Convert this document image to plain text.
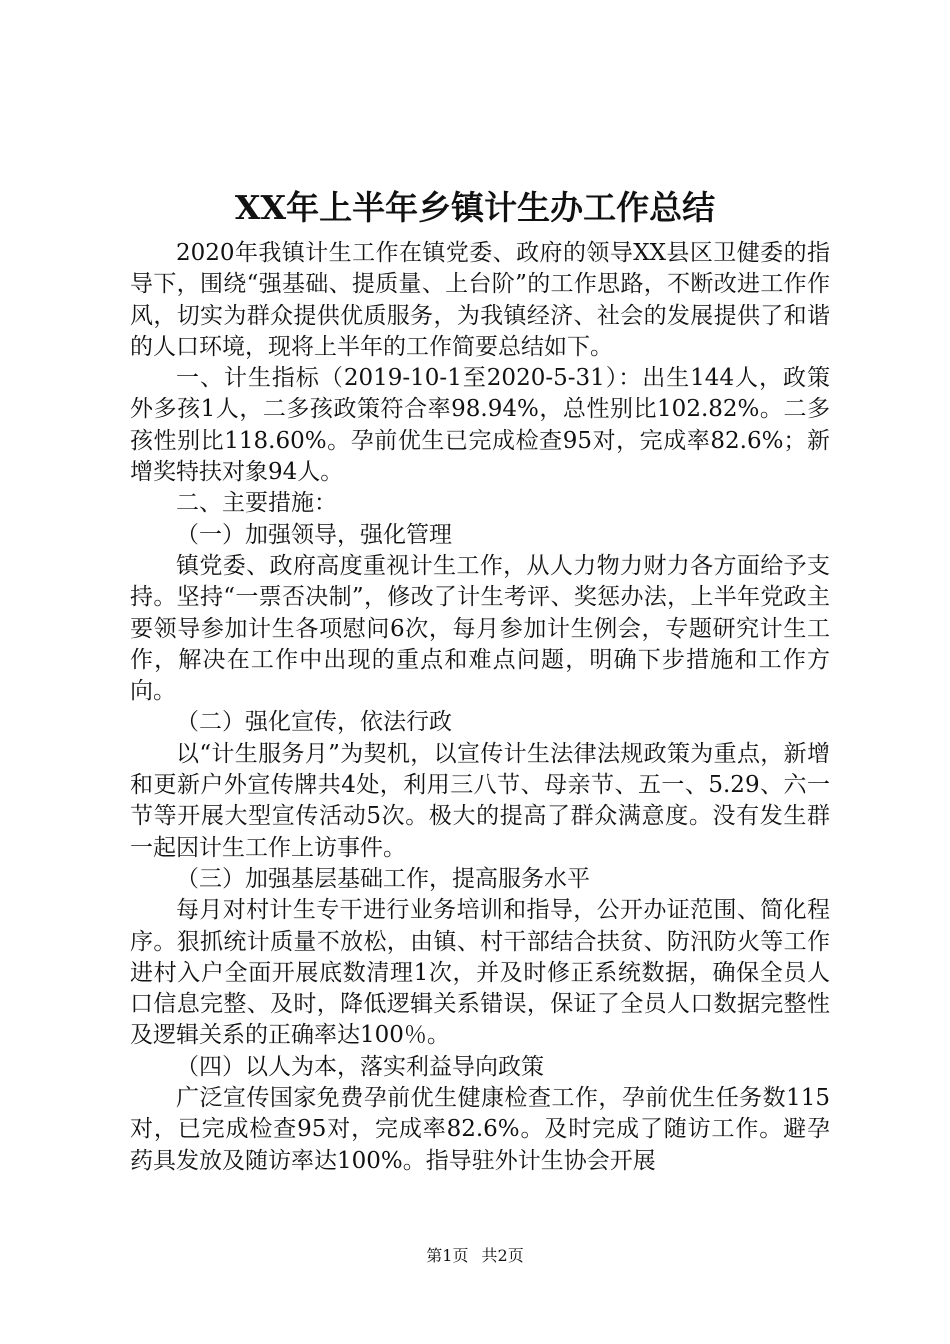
XX年上半年乡镇计生办工作总结

2020年我镇计生工作在镇党委、政府的领导XX县区卫健委的指导下，围绕“强基础、提质量、上台阶”的工作思路，不断改进工作作风，切实为群众提供优质服务，为我镇经济、社会的发展提供了和谐的人口环境，现将上半年的工作简要总结如下。

一、计生指标（2019-10-1至2020-5-31）：出生144人，政策外多孩1人，二多孩政策符合率98.94%，总性别比102.82%。二多孩性别比118.60%。孕前优生已完成检查95对，完成率82.6%；新增奖特扶对象94人。

二、主要措施：

（一）加强领导，强化管理

镇党委、政府高度重视计生工作，从人力物力财力各方面给予支持。坚持“一票否决制”，修改了计生考评、奖惩办法，上半年党政主要领导参加计生各项慰问6次，每月参加计生例会，专题研究计生工作，解决在工作中出现的重点和难点问题，明确下步措施和工作方向。

（二）强化宣传，依法行政

以“计生服务月”为契机，以宣传计生法律法规政策为重点，新增和更新户外宣传牌共4处，利用三八节、母亲节、五一、5.29、六一节等开展大型宣传活动5次。极大的提高了群众满意度。没有发生群一起因计生工作上访事件。

（三）加强基层基础工作，提高服务水平

每月对村计生专干进行业务培训和指导，公开办证范围、简化程序。狠抓统计质量不放松，由镇、村干部结合扶贫、防汛防火等工作进村入户全面开展底数清理1次，并及时修正系统数据，确保全员人口信息完整、及时，降低逻辑关系错误，保证了全员人口数据完整性及逻辑关系的正确率达100％。

（四）以人为本，落实利益导向政策

广泛宣传国家免费孕前优生健康检查工作，孕前优生任务数115对，已完成检查95对，完成率82.6%。及时完成了随访工作。避孕药具发放及随访率达100%。指导驻外计生协会开展

第1页 共2页
